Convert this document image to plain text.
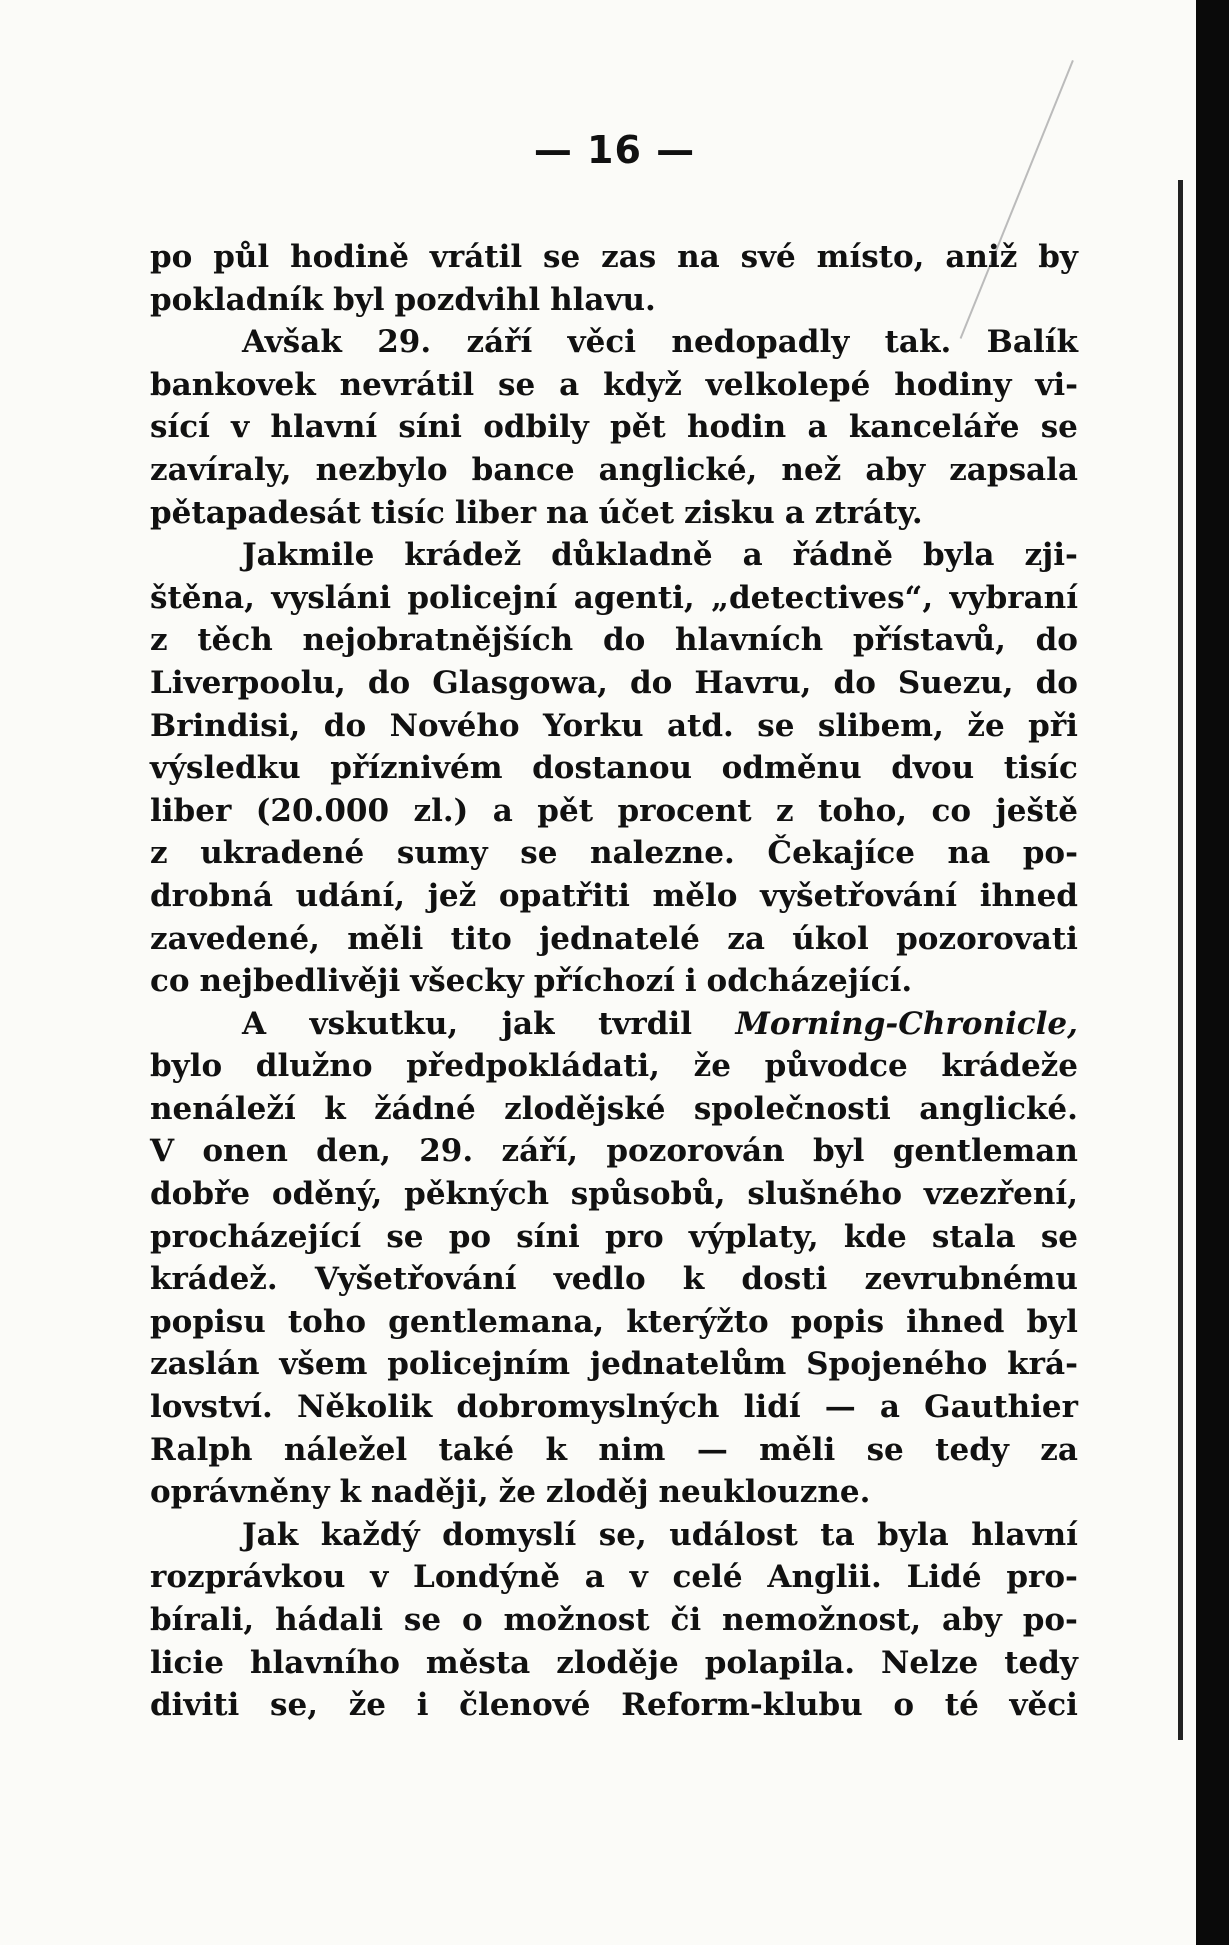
— 16 —
po půl hodině vrátil se zas na své místo, aniž by
pokladník byl pozdvihl hlavu.
Avšak 29. září věci nedopadly tak. Balík
bankovek nevrátil se a když velkolepé hodiny vi-
sící v hlavní síni odbily pět hodin a kanceláře se
zavíraly, nezbylo bance anglické, než aby zapsala
pětapadesát tisíc liber na účet zisku a ztráty.
Jakmile krádež důkladně a řádně byla zji-
štěna, vysláni policejní agenti, „detectives“, vybraní
z těch nejobratnějších do hlavních přístavů, do
Liverpoolu, do Glasgowa, do Havru, do Suezu, do
Brindisi, do Nového Yorku atd. se slibem, že při
výsledku příznivém dostanou odměnu dvou tisíc
liber (20.000 zl.) a pět procent z toho, co ještě
z ukradené sumy se nalezne. Čekajíce na po-
drobná udání, jež opatřiti mělo vyšetřování ihned
zavedené, měli tito jednatelé za úkol pozorovati
co nejbedlivěji všecky příchozí i odcházející.
A vskutku, jak tvrdil Morning-Chronicle,
bylo dlužno předpokládati, že původce krádeže
nenáleží k žádné zlodějské společnosti anglické.
V onen den, 29. září, pozorován byl gentleman
dobře oděný, pěkných spůsobů, slušného vzezření,
procházející se po síni pro výplaty, kde stala se
krádež. Vyšetřování vedlo k dosti zevrubnému
popisu toho gentlemana, kterýžto popis ihned byl
zaslán všem policejním jednatelům Spojeného krá-
lovství. Několik dobromyslných lidí — a Gauthier
Ralph náležel také k nim — měli se tedy za
oprávněny k naději, že zloděj neuklouzne.
Jak každý domyslí se, událost ta byla hlavní
rozprávkou v Londýně a v celé Anglii. Lidé pro-
bírali, hádali se o možnost či nemožnost, aby po-
licie hlavního města zloděje polapila. Nelze tedy
diviti se, že i členové Reform-klubu o té věci
